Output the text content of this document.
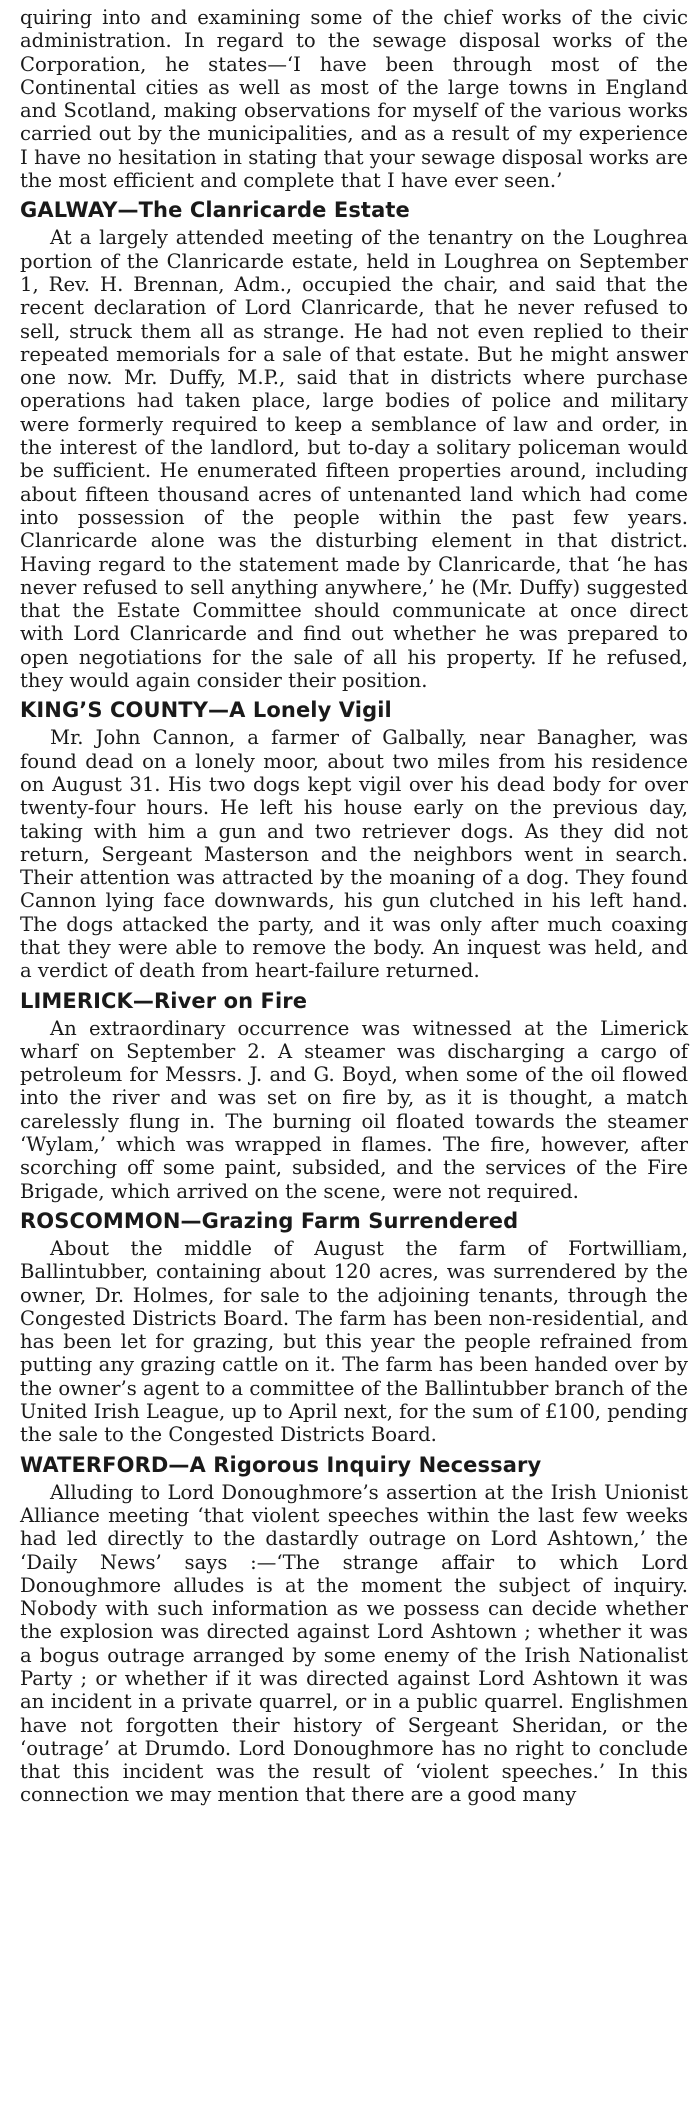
quiring into and examining some of the chief works of the civic administration. In regard to the sewage disposal works of the Corporation, he states—‘I have been through most of the Continental cities as well as most of the large towns in England and Scotland, making observations for myself of the various works carried out by the municipalities, and as a result of my experience I have no hesitation in stating that your sewage disposal works are the most efficient and complete that I have ever seen.’

GALWAY—The Clanricarde Estate

At a largely attended meeting of the tenantry on the Loughrea portion of the Clanricarde estate, held in Loughrea on September 1, Rev. H. Brennan, Adm., occupied the chair, and said that the recent declaration of Lord Clanricarde, that he never refused to sell, struck them all as strange. He had not even replied to their repeated memorials for a sale of that estate. But he might answer one now. Mr. Duffy, M.P., said that in districts where purchase operations had taken place, large bodies of police and military were formerly required to keep a semblance of law and order, in the interest of the landlord, but to-day a solitary policeman would be sufficient. He enumerated fifteen properties around, including about fifteen thousand acres of untenanted land which had come into possession of the people within the past few years. Clanricarde alone was the disturbing element in that district. Having regard to the statement made by Clanricarde, that ‘he has never refused to sell anything anywhere,’ he (Mr. Duffy) suggested that the Estate Committee should communicate at once direct with Lord Clanricarde and find out whether he was prepared to open negotiations for the sale of all his property. If he refused, they would again consider their position.

KING’S COUNTY—A Lonely Vigil

Mr. John Cannon, a farmer of Galbally, near Banagher, was found dead on a lonely moor, about two miles from his residence on August 31. His two dogs kept vigil over his dead body for over twenty-four hours. He left his house early on the previous day, taking with him a gun and two retriever dogs. As they did not return, Sergeant Masterson and the neighbors went in search. Their attention was attracted by the moaning of a dog. They found Cannon lying face downwards, his gun clutched in his left hand. The dogs attacked the party, and it was only after much coaxing that they were able to remove the body. An inquest was held, and a verdict of death from heart-failure returned.

LIMERICK—River on Fire

An extraordinary occurrence was witnessed at the Limerick wharf on September 2. A steamer was discharging a cargo of petroleum for Messrs. J. and G. Boyd, when some of the oil flowed into the river and was set on fire by, as it is thought, a match carelessly flung in. The burning oil floated towards the steamer ‘Wylam,’ which was wrapped in flames. The fire, however, after scorching off some paint, subsided, and the services of the Fire Brigade, which arrived on the scene, were not required.

ROSCOMMON—Grazing Farm Surrendered

About the middle of August the farm of Fortwilliam, Ballintubber, containing about 120 acres, was surrendered by the owner, Dr. Holmes, for sale to the adjoining tenants, through the Congested Districts Board. The farm has been non-residential, and has been let for grazing, but this year the people refrained from putting any grazing cattle on it. The farm has been handed over by the owner’s agent to a committee of the Ballintubber branch of the United Irish League, up to April next, for the sum of £100, pending the sale to the Congested Districts Board.

WATERFORD—A Rigorous Inquiry Necessary

Alluding to Lord Donoughmore’s assertion at the Irish Unionist Alliance meeting ‘that violent speeches within the last few weeks had led directly to the dastardly outrage on Lord Ashtown,’ the ‘Daily News’ says :—‘The strange affair to which Lord Donoughmore alludes is at the moment the subject of inquiry. Nobody with such information as we possess can decide whether the explosion was directed against Lord Ashtown ; whether it was a bogus outrage arranged by some enemy of the Irish Nationalist Party ; or whether if it was directed against Lord Ashtown it was an incident in a private quarrel, or in a public quarrel. Englishmen have not forgotten their history of Sergeant Sheridan, or the ‘outrage’ at Drumdo. Lord Donoughmore has no right to conclude that this incident was the result of ‘violent speeches.’ In this connection we may mention that there are a good many
